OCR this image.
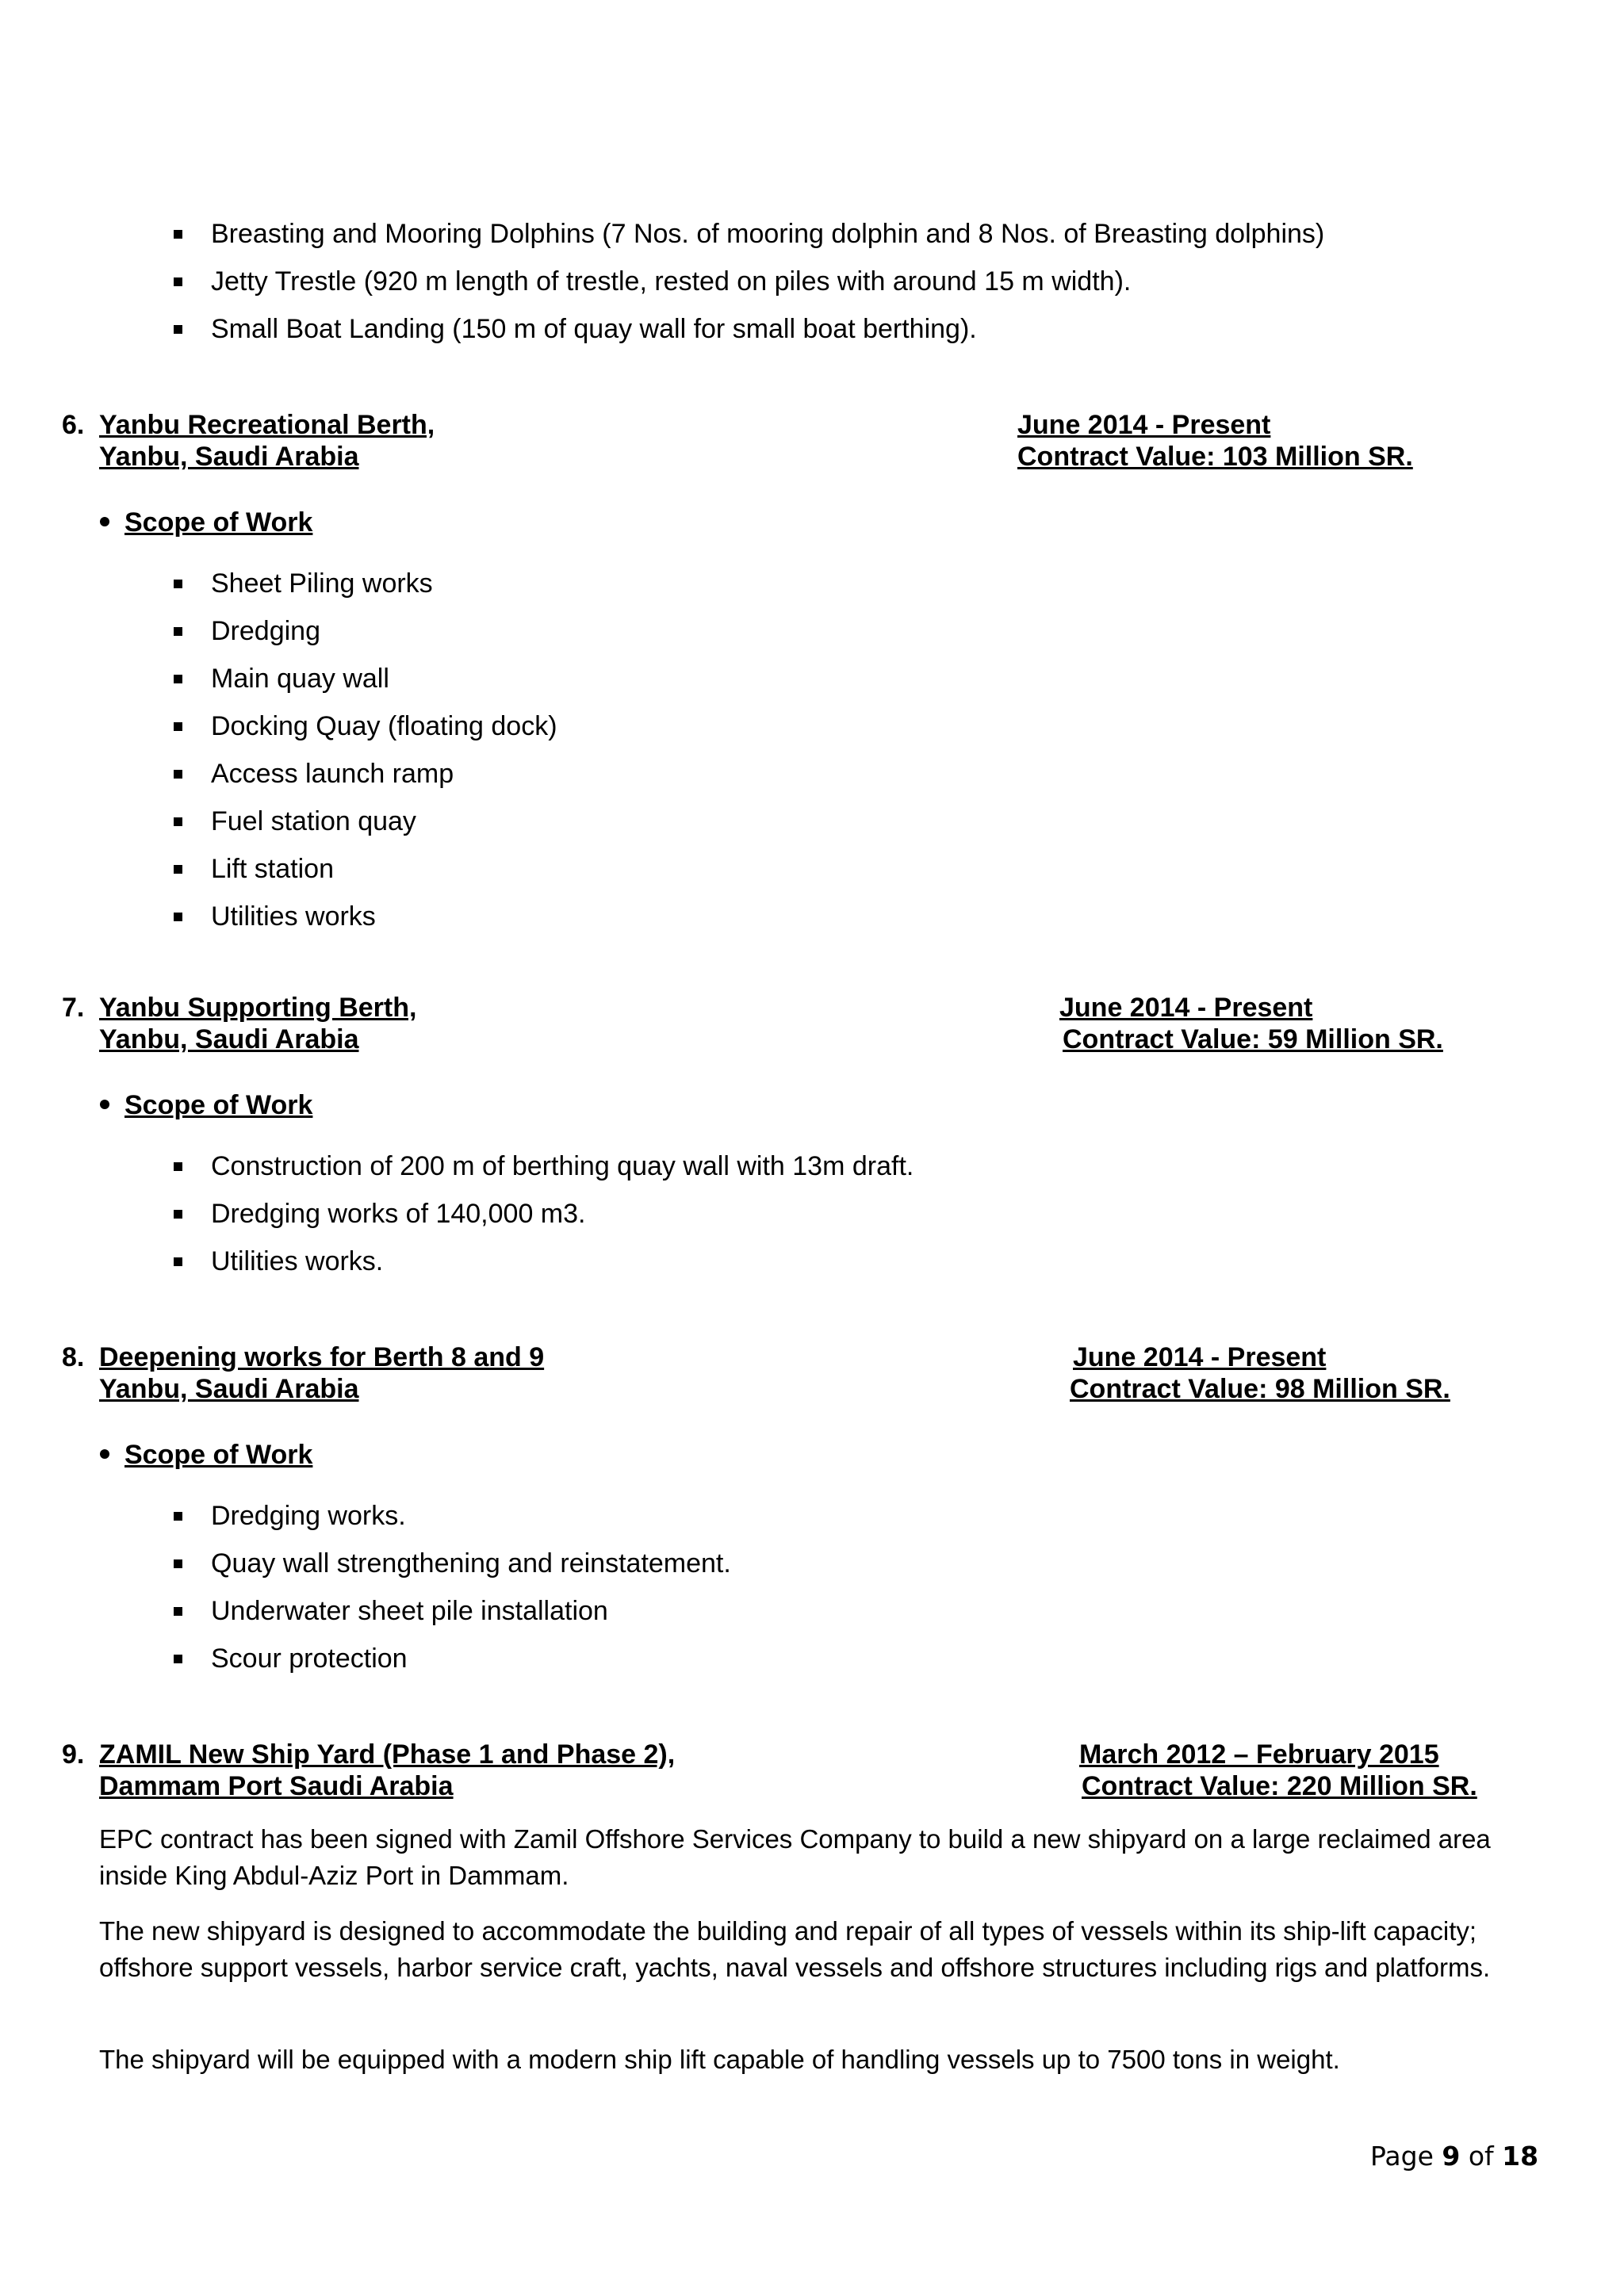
Breasting and Mooring Dolphins (7 Nos. of mooring dolphin and 8 Nos. of Breasting dolphins)
Jetty Trestle (920 m length of trestle, rested on piles with around 15 m width).
Small Boat Landing (150 m of quay wall for small boat berthing).
6. Yanbu Recreational Berth,
Yanbu, Saudi Arabia
June 2014 - Present
Contract Value: 103 Million SR.
Scope of Work
Sheet Piling works
Dredging
Main quay wall
Docking Quay (floating dock)
Access launch ramp
Fuel station quay
Lift station
Utilities works
7. Yanbu Supporting Berth,
Yanbu, Saudi Arabia
June 2014 - Present
Contract Value: 59 Million SR.
Scope of Work
Construction of 200 m of berthing quay wall with 13m draft.
Dredging works of 140,000 m3.
Utilities works.
8. Deepening works for Berth 8 and 9
Yanbu, Saudi Arabia
June 2014 - Present
Contract Value: 98 Million SR.
Scope of Work
Dredging works.
Quay wall strengthening and reinstatement.
Underwater sheet pile installation
Scour protection
9. ZAMIL New Ship Yard (Phase 1 and Phase 2),
Dammam Port Saudi Arabia
March 2012 – February 2015
Contract Value: 220 Million SR.

EPC contract has been signed with Zamil Offshore Services Company to build a new shipyard on a large reclaimed area inside King Abdul-Aziz Port in Dammam.

The new shipyard is designed to accommodate the building and repair of all types of vessels within its ship-lift capacity; offshore support vessels, harbor service craft, yachts, naval vessels and offshore structures including rigs and platforms.

The shipyard will be equipped with a modern ship lift capable of handling vessels up to 7500 tons in weight.

Page 9 of 18
